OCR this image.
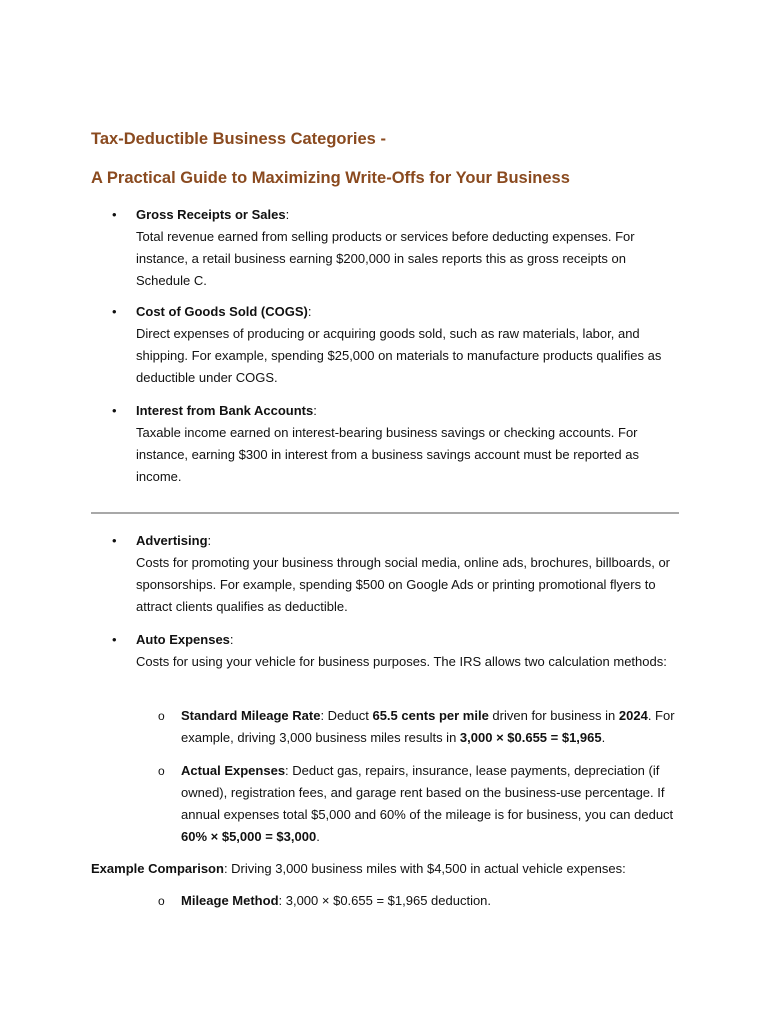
Tax-Deductible Business Categories -
A Practical Guide to Maximizing Write-Offs for Your Business
• Gross Receipts or Sales:
Total revenue earned from selling products or services before deducting expenses. For instance, a retail business earning $200,000 in sales reports this as gross receipts on Schedule C.
• Cost of Goods Sold (COGS):
Direct expenses of producing or acquiring goods sold, such as raw materials, labor, and shipping. For example, spending $25,000 on materials to manufacture products qualifies as deductible under COGS.
• Interest from Bank Accounts:
Taxable income earned on interest-bearing business savings or checking accounts. For instance, earning $300 in interest from a business savings account must be reported as income.
• Advertising:
Costs for promoting your business through social media, online ads, brochures, billboards, or sponsorships. For example, spending $500 on Google Ads or printing promotional flyers to attract clients qualifies as deductible.
• Auto Expenses:
Costs for using your vehicle for business purposes. The IRS allows two calculation methods:
o Standard Mileage Rate: Deduct 65.5 cents per mile driven for business in 2024. For example, driving 3,000 business miles results in 3,000 × $0.655 = $1,965.
o Actual Expenses: Deduct gas, repairs, insurance, lease payments, depreciation (if owned), registration fees, and garage rent based on the business-use percentage. If annual expenses total $5,000 and 60% of the mileage is for business, you can deduct 60% × $5,000 = $3,000.
Example Comparison: Driving 3,000 business miles with $4,500 in actual vehicle expenses:
o Mileage Method: 3,000 × $0.655 = $1,965 deduction.
